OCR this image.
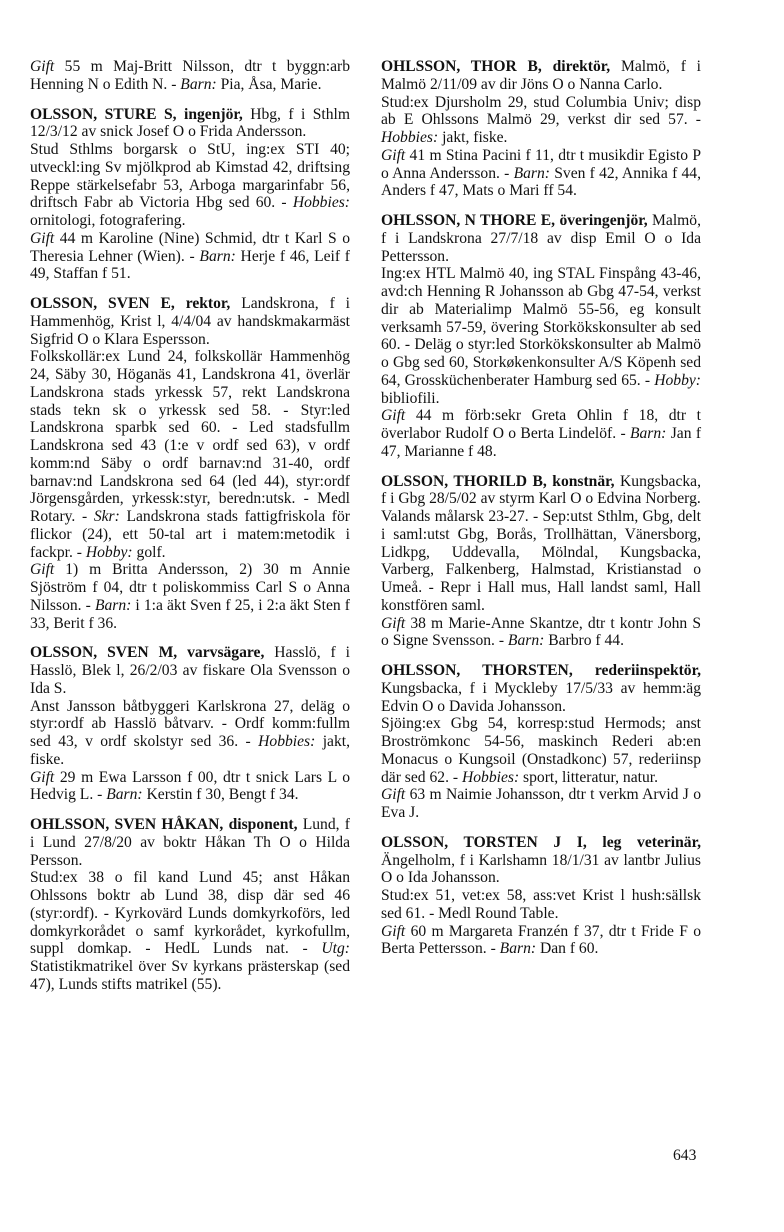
Gift 55 m Maj-Britt Nilsson, dtr t byggn:arb Henning N o Edith N. - Barn: Pia, Åsa, Marie.

OLSSON, STURE S, ingenjör, Hbg, f i Sthlm 12/3/12 av snick Josef O o Frida Andersson.

Stud Sthlms borgarsk o StU, ing:ex STI 40; utveckl:ing Sv mjölkprod ab Kimstad 42, driftsing Reppe stärkelsefabr 53, Arboga margarinfabr 56, driftsch Fabr ab Victoria Hbg sed 60. - Hobbies: ornitologi, fotografering.

Gift 44 m Karoline (Nine) Schmid, dtr t Karl S o Theresia Lehner (Wien). - Barn: Herje f 46, Leif f 49, Staffan f 51.

OLSSON, SVEN E, rektor, Landskrona, f i Hammenhög, Krist l, 4/4/04 av handskmakarmäst Sigfrid O o Klara Espersson.

Folkskollär:ex Lund 24, folkskollär Hammenhög 24, Säby 30, Höganäs 41, Landskrona 41, överlär Landskrona stads yrkessk 57, rekt Landskrona stads tekn sk o yrkessk sed 58. - Styr:led Landskrona sparbk sed 60. - Led stadsfullm Landskrona sed 43 (1:e v ordf sed 63), v ordf komm:nd Säby o ordf barnav:nd 31-40, ordf barnav:nd Landskrona sed 64 (led 44), styr:ordf Jörgensgården, yrkessk:styr, beredn:utsk. - Medl Rotary. - Skr: Landskrona stads fattigfriskola för flickor (24), ett 50-tal art i matem:metodik i fackpr. - Hobby: golf.

Gift 1) m Britta Andersson, 2) 30 m Annie Sjöström f 04, dtr t poliskommiss Carl S o Anna Nilsson. - Barn: i 1:a äkt Sven f 25, i 2:a äkt Sten f 33, Berit f 36.

OLSSON, SVEN M, varvsägare, Hasslö, f i Hasslö, Blek l, 26/2/03 av fiskare Ola Svensson o Ida S.

Anst Jansson båtbyggeri Karlskrona 27, deläg o styr:ordf ab Hasslö båtvarv. - Ordf komm:fullm sed 43, v ordf skolstyr sed 36. - Hobbies: jakt, fiske.

Gift 29 m Ewa Larsson f 00, dtr t snick Lars L o Hedvig L. - Barn: Kerstin f 30, Bengt f 34.

OHLSSON, SVEN HÅKAN, disponent, Lund, f i Lund 27/8/20 av boktr Håkan Th O o Hilda Persson.

Stud:ex 38 o fil kand Lund 45; anst Håkan Ohlssons boktr ab Lund 38, disp där sed 46 (styr:ordf). - Kyrkovärd Lunds domkyrkoförs, led domkyrkorådet o samf kyrkorådet, kyrkofullm, suppl domkap. - HedL Lunds nat. - Utg: Statistikmatrikel över Sv kyrkans prästerskap (sed 47), Lunds stifts matrikel (55).

OHLSSON, THOR B, direktör, Malmö, f i Malmö 2/11/09 av dir Jöns O o Nanna Carlo.

Stud:ex Djursholm 29, stud Columbia Univ; disp ab E Ohlssons Malmö 29, verkst dir sed 57. - Hobbies: jakt, fiske.

Gift 41 m Stina Pacini f 11, dtr t musikdir Egisto P o Anna Andersson. - Barn: Sven f 42, Annika f 44, Anders f 47, Mats o Mari ff 54.

OHLSSON, N THORE E, överingenjör, Malmö, f i Landskrona 27/7/18 av disp Emil O o Ida Pettersson.

Ing:ex HTL Malmö 40, ing STAL Finspång 43-46, avd:ch Henning R Johansson ab Gbg 47-54, verkst dir ab Materialimp Malmö 55-56, eg konsult verksamh 57-59, övering Storkökskonsulter ab sed 60. - Deläg o styr:led Storkökskonsulter ab Malmö o Gbg sed 60, Storkøkenkonsulter A/S Köpenh sed 64, Grossküchenberater Hamburg sed 65. - Hobby: bibliofili.

Gift 44 m förb:sekr Greta Ohlin f 18, dtr t överlabor Rudolf O o Berta Lindelöf. - Barn: Jan f 47, Marianne f 48.

OLSSON, THORILD B, konstnär, Kungsbacka, f i Gbg 28/5/02 av styrm Karl O o Edvina Norberg.

Valands målarsk 23-27. - Sep:utst Sthlm, Gbg, delt i saml:utst Gbg, Borås, Trollhättan, Vänersborg, Lidkpg, Uddevalla, Mölndal, Kungsbacka, Varberg, Falkenberg, Halmstad, Kristianstad o Umeå. - Repr i Hall mus, Hall landst saml, Hall konstfören saml.

Gift 38 m Marie-Anne Skantze, dtr t kontr John S o Signe Svensson. - Barn: Barbro f 44.

OHLSSON, THORSTEN, rederiinspektör, Kungsbacka, f i Myckleby 17/5/33 av hemm:äg Edvin O o Davida Johansson.

Sjöing:ex Gbg 54, korresp:stud Hermods; anst Broströmkonc 54-56, maskinch Rederi ab:en Monacus o Kungsoil (Onstadkonc) 57, rederiinsp där sed 62. - Hobbies: sport, litteratur, natur.

Gift 63 m Naimie Johansson, dtr t verkm Arvid J o Eva J.

OLSSON, TORSTEN J I, leg veterinär, Ängelholm, f i Karlshamn 18/1/31 av lantbr Julius O o Ida Johansson.

Stud:ex 51, vet:ex 58, ass:vet Krist l hush:sällsk sed 61. - Medl Round Table.

Gift 60 m Margareta Franzén f 37, dtr t Fride F o Berta Pettersson. - Barn: Dan f 60.

643
